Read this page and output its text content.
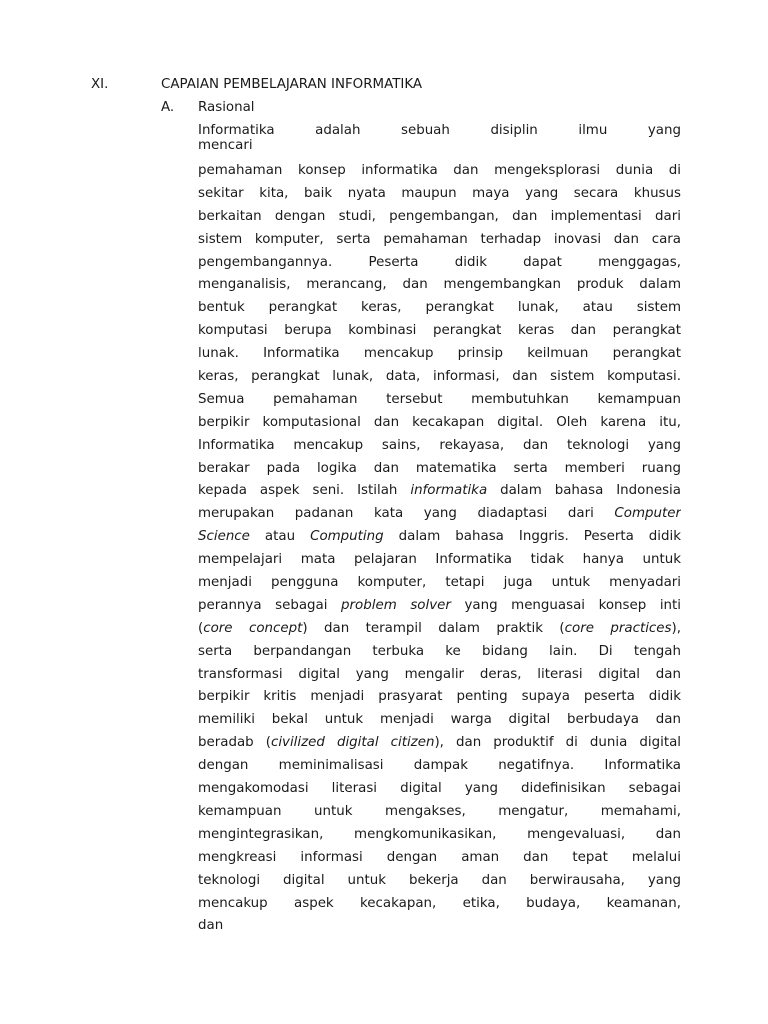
XI.	CAPAIAN PEMBELAJARAN INFORMATIKA
A. Rasional
Informatika	adalah	sebuah	disiplin	ilmu	yang
mencari
pemahaman konsep informatika dan mengeksplorasi dunia di
sekitar kita, baik nyata maupun maya yang secara khusus
berkaitan dengan studi, pengembangan, dan implementasi dari
sistem komputer, serta pemahaman terhadap inovasi dan cara
pengembangannya. Peserta didik dapat menggagas,
menganalisis, merancang, dan mengembangkan produk dalam
bentuk perangkat keras, perangkat lunak, atau sistem
komputasi berupa kombinasi perangkat keras dan perangkat
lunak. Informatika mencakup prinsip keilmuan perangkat
keras, perangkat lunak, data, informasi, dan sistem komputasi.
Semua pemahaman tersebut membutuhkan kemampuan
berpikir komputasional dan kecakapan digital. Oleh karena itu,
Informatika mencakup sains, rekayasa, dan teknologi yang
berakar pada logika dan matematika serta memberi ruang
kepada aspek seni. Istilah informatika dalam bahasa Indonesia
merupakan padanan kata yang diadaptasi dari Computer
Science atau Computing dalam bahasa Inggris. Peserta didik
mempelajari mata pelajaran Informatika tidak hanya untuk
menjadi pengguna komputer, tetapi juga untuk menyadari
perannya sebagai problem solver yang menguasai konsep inti
(core concept) dan terampil dalam praktik (core practices),
serta berpandangan terbuka ke bidang lain. Di tengah
transformasi digital yang mengalir deras, literasi digital dan
berpikir kritis menjadi prasyarat penting supaya peserta didik
memiliki bekal untuk menjadi warga digital berbudaya dan
beradab (civilized digital citizen), dan produktif di dunia digital
dengan meminimalisasi dampak negatifnya. Informatika
mengakomodasi literasi digital yang didefinisikan sebagai
kemampuan untuk mengakses, mengatur, memahami,
mengintegrasikan, mengkomunikasikan, mengevaluasi, dan
mengkreasi informasi dengan aman dan tepat melalui
teknologi digital untuk bekerja dan berwirausaha, yang
mencakup aspek kecakapan, etika, budaya, keamanan,
dan
